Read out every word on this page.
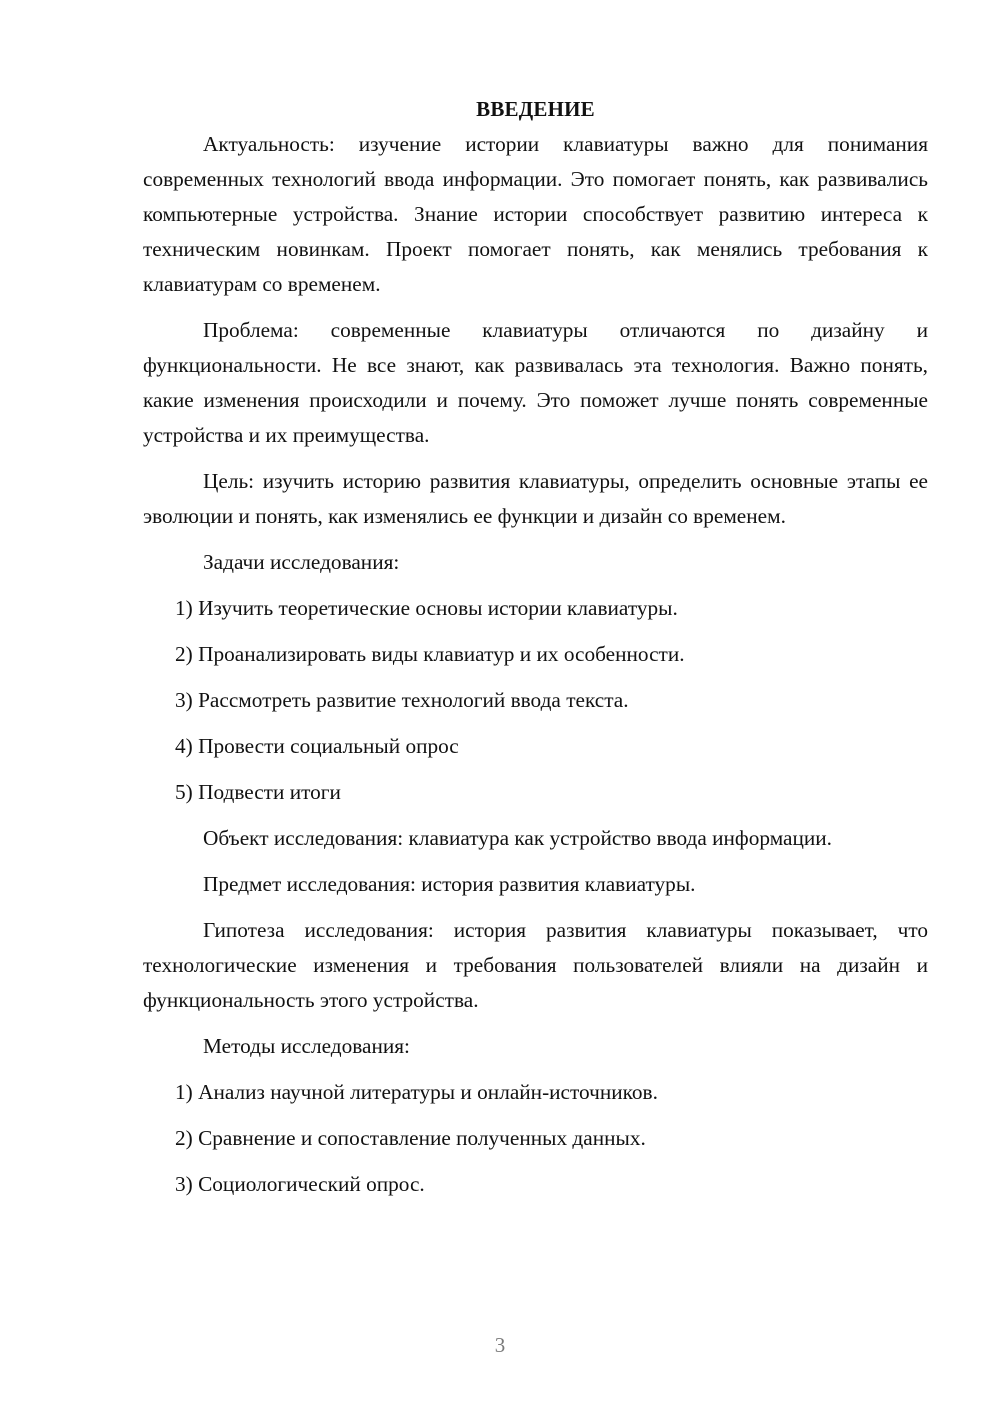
ВВЕДЕНИЕ

Актуальность: изучение истории клавиатуры важно для понимания современных технологий ввода информации. Это помогает понять, как развивались компьютерные устройства. Знание истории способствует развитию интереса к техническим новинкам. Проект помогает понять, как менялись требования к клавиатурам со временем.

Проблема: современные клавиатуры отличаются по дизайну и функциональности. Не все знают, как развивалась эта технология. Важно понять, какие изменения происходили и почему. Это поможет лучше понять современные устройства и их преимущества.

Цель: изучить историю развития клавиатуры, определить основные этапы ее эволюции и понять, как изменялись ее функции и дизайн со временем.

Задачи исследования:

1) Изучить теоретические основы истории клавиатуры.

2) Проанализировать виды клавиатур и их особенности.

3) Рассмотреть развитие технологий ввода текста.

4) Провести социальный опрос

5) Подвести итоги

Объект исследования: клавиатура как устройство ввода информации.

Предмет исследования: история развития клавиатуры.

Гипотеза исследования: история развития клавиатуры показывает, что технологические изменения и требования пользователей влияли на дизайн и функциональность этого устройства.

Методы исследования:

1) Анализ научной литературы и онлайн-источников.

2) Сравнение и сопоставление полученных данных.

3) Социологический опрос.

3
